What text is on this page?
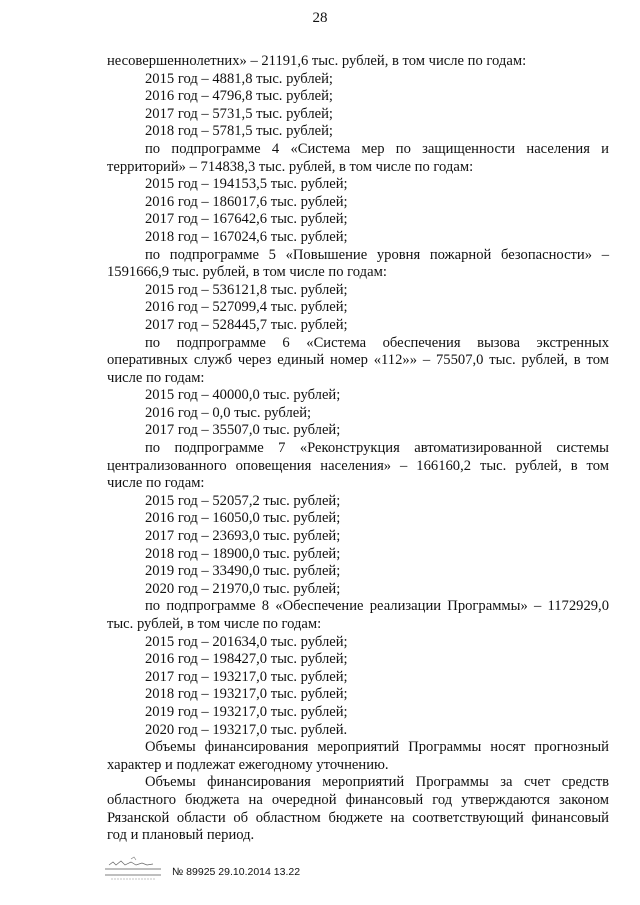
28
несовершеннолетних» – 21191,6 тыс. рублей, в том числе по годам:
2015 год – 4881,8 тыс. рублей;
2016 год – 4796,8 тыс. рублей;
2017 год – 5731,5 тыс. рублей;
2018 год – 5781,5 тыс. рублей;
по подпрограмме 4 «Система мер по защищенности населения и
территорий» – 714838,3 тыс. рублей, в том числе по годам:
2015 год – 194153,5 тыс. рублей;
2016 год – 186017,6 тыс. рублей;
2017 год – 167642,6 тыс. рублей;
2018 год – 167024,6 тыс. рублей;
по подпрограмме 5 «Повышение уровня пожарной безопасности» –
1591666,9 тыс. рублей, в том числе по годам:
2015 год – 536121,8 тыс. рублей;
2016 год – 527099,4 тыс. рублей;
2017 год – 528445,7 тыс. рублей;
по подпрограмме 6 «Система обеспечения вызова экстренных
оперативных служб через единый номер «112»» – 75507,0 тыс. рублей, в том
числе по годам:
2015 год – 40000,0 тыс. рублей;
2016 год – 0,0 тыс. рублей;
2017 год – 35507,0 тыс. рублей;
по подпрограмме 7 «Реконструкция автоматизированной системы
централизованного оповещения населения» – 166160,2 тыс. рублей, в том
числе по годам:
2015 год – 52057,2 тыс. рублей;
2016 год – 16050,0 тыс. рублей;
2017 год – 23693,0 тыс. рублей;
2018 год – 18900,0 тыс. рублей;
2019 год – 33490,0 тыс. рублей;
2020 год – 21970,0 тыс. рублей;
по подпрограмме 8 «Обеспечение реализации Программы» – 1172929,0
тыс. рублей, в том числе по годам:
2015 год – 201634,0 тыс. рублей;
2016 год – 198427,0 тыс. рублей;
2017 год – 193217,0 тыс. рублей;
2018 год – 193217,0 тыс. рублей;
2019 год – 193217,0 тыс. рублей;
2020 год – 193217,0 тыс. рублей.
Объемы финансирования мероприятий Программы носят прогнозный
характер и подлежат ежегодному уточнению.
Объемы финансирования мероприятий Программы за счет средств
областного бюджета на очередной финансовый год утверждаются законом
Рязанской области об областном бюджете на соответствующий финансовый
год и плановый период.
№ 89925 29.10.2014 13.22
